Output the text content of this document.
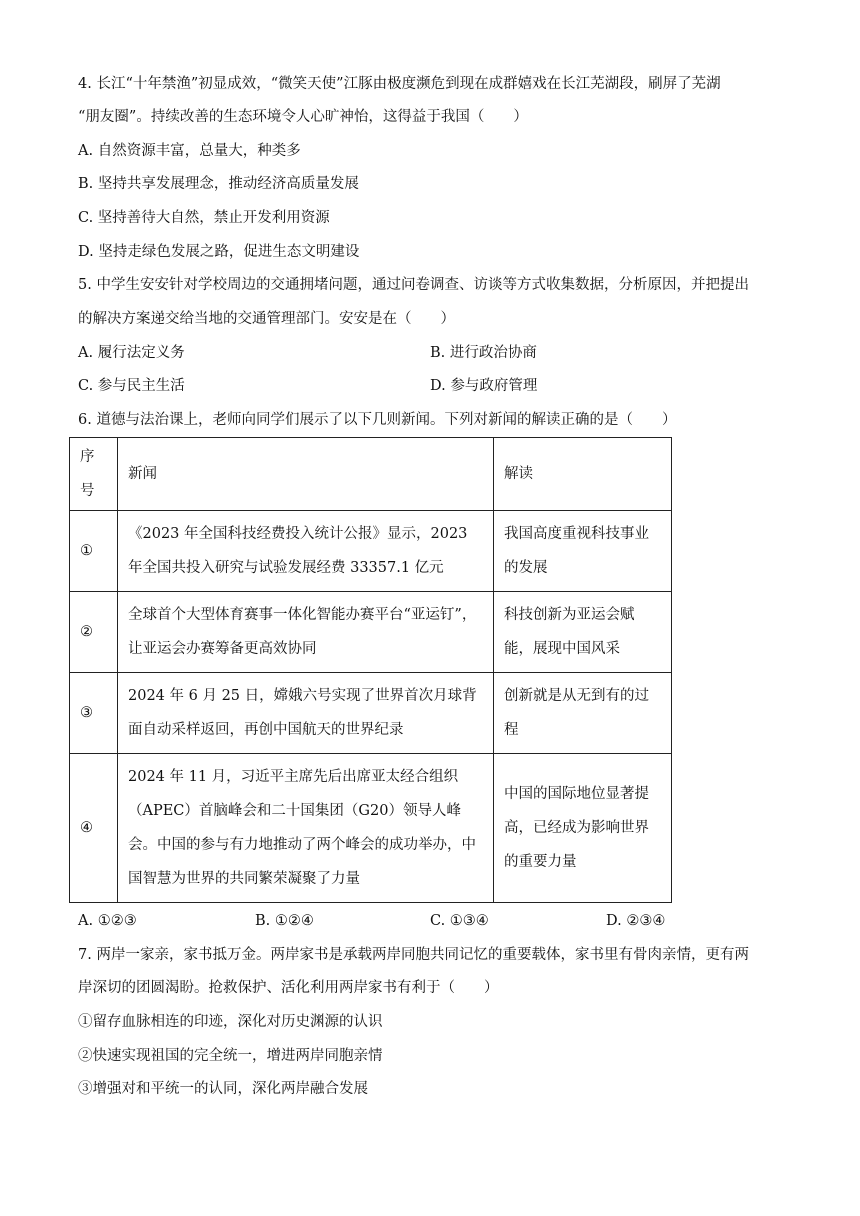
4. 长江“十年禁渔”初显成效，“微笑天使”江豚由极度濒危到现在成群嬉戏在长江芜湖段，刷屏了芜湖
“朋友圈”。持续改善的生态环境令人心旷神怡，这得益于我国（　　）
A. 自然资源丰富，总量大，种类多
B. 坚持共享发展理念，推动经济高质量发展
C. 坚持善待大自然，禁止开发利用资源
D. 坚持走绿色发展之路，促进生态文明建设
5. 中学生安安针对学校周边的交通拥堵问题，通过问卷调查、访谈等方式收集数据，分析原因，并把提出
的解决方案递交给当地的交通管理部门。安安是在（　　）
A. 履行法定义务	B. 进行政治协商
C. 参与民主生活	D. 参与政府管理
6. 道德与法治课上，老师向同学们展示了以下几则新闻。下列对新闻的解读正确的是（　　）
序号	新闻	解读
①	《2023 年全国科技经费投入统计公报》显示，2023 年全国共投入研究与试验发展经费 33357.1 亿元	我国高度重视科技事业的发展
②	全球首个大型体育赛事一体化智能办赛平台“亚运钉”，让亚运会办赛筹备更高效协同	科技创新为亚运会赋能，展现中国风采
③	2024 年 6 月 25 日，嫦娥六号实现了世界首次月球背面自动采样返回，再创中国航天的世界纪录	创新就是从无到有的过程
④	2024 年 11 月，习近平主席先后出席亚太经合组织（APEC）首脑峰会和二十国集团（G20）领导人峰会。中国的参与有力地推动了两个峰会的成功举办，中国智慧为世界的共同繁荣凝聚了力量	中国的国际地位显著提高，已经成为影响世界的重要力量
A. ①②③	B. ①②④	C. ①③④	D. ②③④
7. 两岸一家亲，家书抵万金。两岸家书是承载两岸同胞共同记忆的重要载体，家书里有骨肉亲情，更有两
岸深切的团圆渴盼。抢救保护、活化利用两岸家书有利于（　　）
①留存血脉相连的印迹，深化对历史渊源的认识
②快速实现祖国的完全统一，增进两岸同胞亲情
③增强对和平统一的认同，深化两岸融合发展
